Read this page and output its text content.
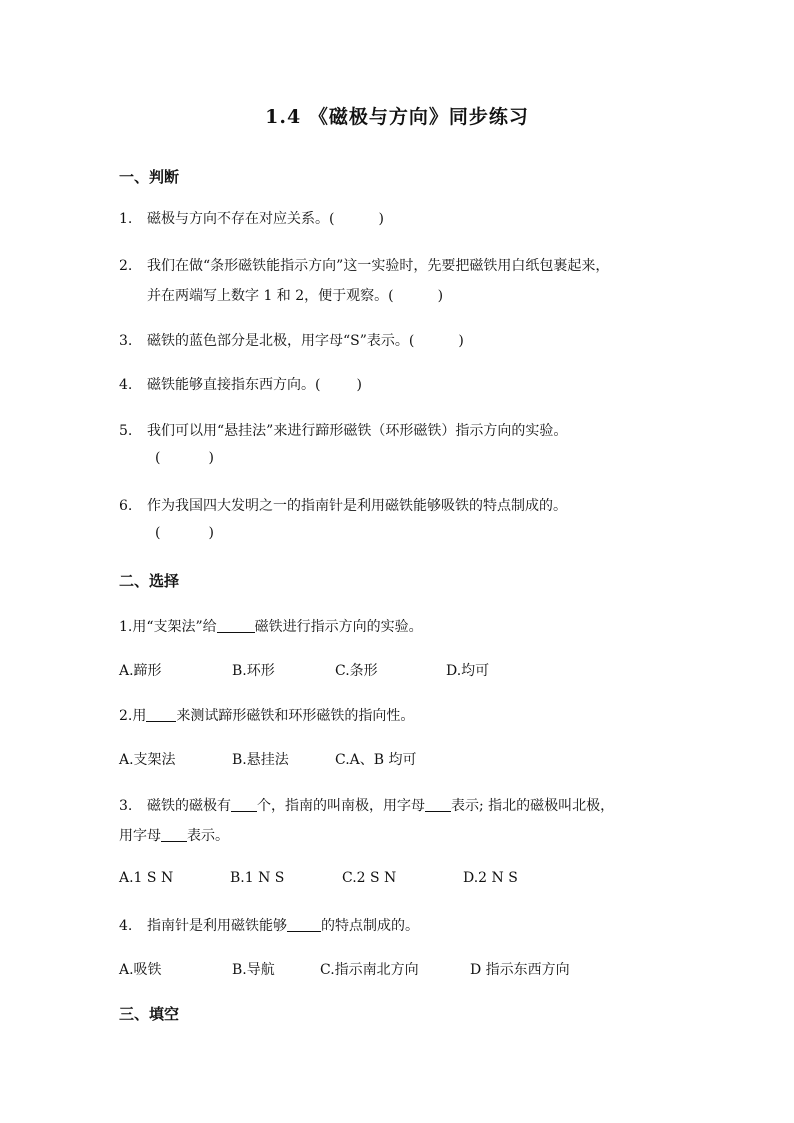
1.4 《磁极与方向》同步练习
一、判断
1. 磁极与方向不存在对应关系。(	)
2. 我们在做“条形磁铁能指示方向”这一实验时，先要把磁铁用白纸包裹起来，
并在两端写上数字 1 和 2，便于观察。(	)
3. 磁铁的蓝色部分是北极，用字母“S”表示。(	)
4. 磁铁能够直接指东西方向。(	)
5. 我们可以用“悬挂法”来进行蹄形磁铁（环形磁铁）指示方向的实验。
(	)
6. 作为我国四大发明之一的指南针是利用磁铁能够吸铁的特点制成的。
(	)
二、选择
1.用“支架法”给	磁铁进行指示方向的实验。
A.蹄形	B.环形	C.条形	D.均可
2.用 来测试蹄形磁铁和环形磁铁的指向性。
A.支架法	B.悬挂法	C.A、B 均可
3. 磁铁的磁极有 个，指南的叫南极，用字母 表示; 指北的磁极叫北极，
用字母 表示。
A.1 S N	B.1 N S	C.2 S N	D.2 N S
4. 指南针是利用磁铁能够 的特点制成的。
A.吸铁	B.导航	C.指示南北方向	D 指示东西方向
三、填空
